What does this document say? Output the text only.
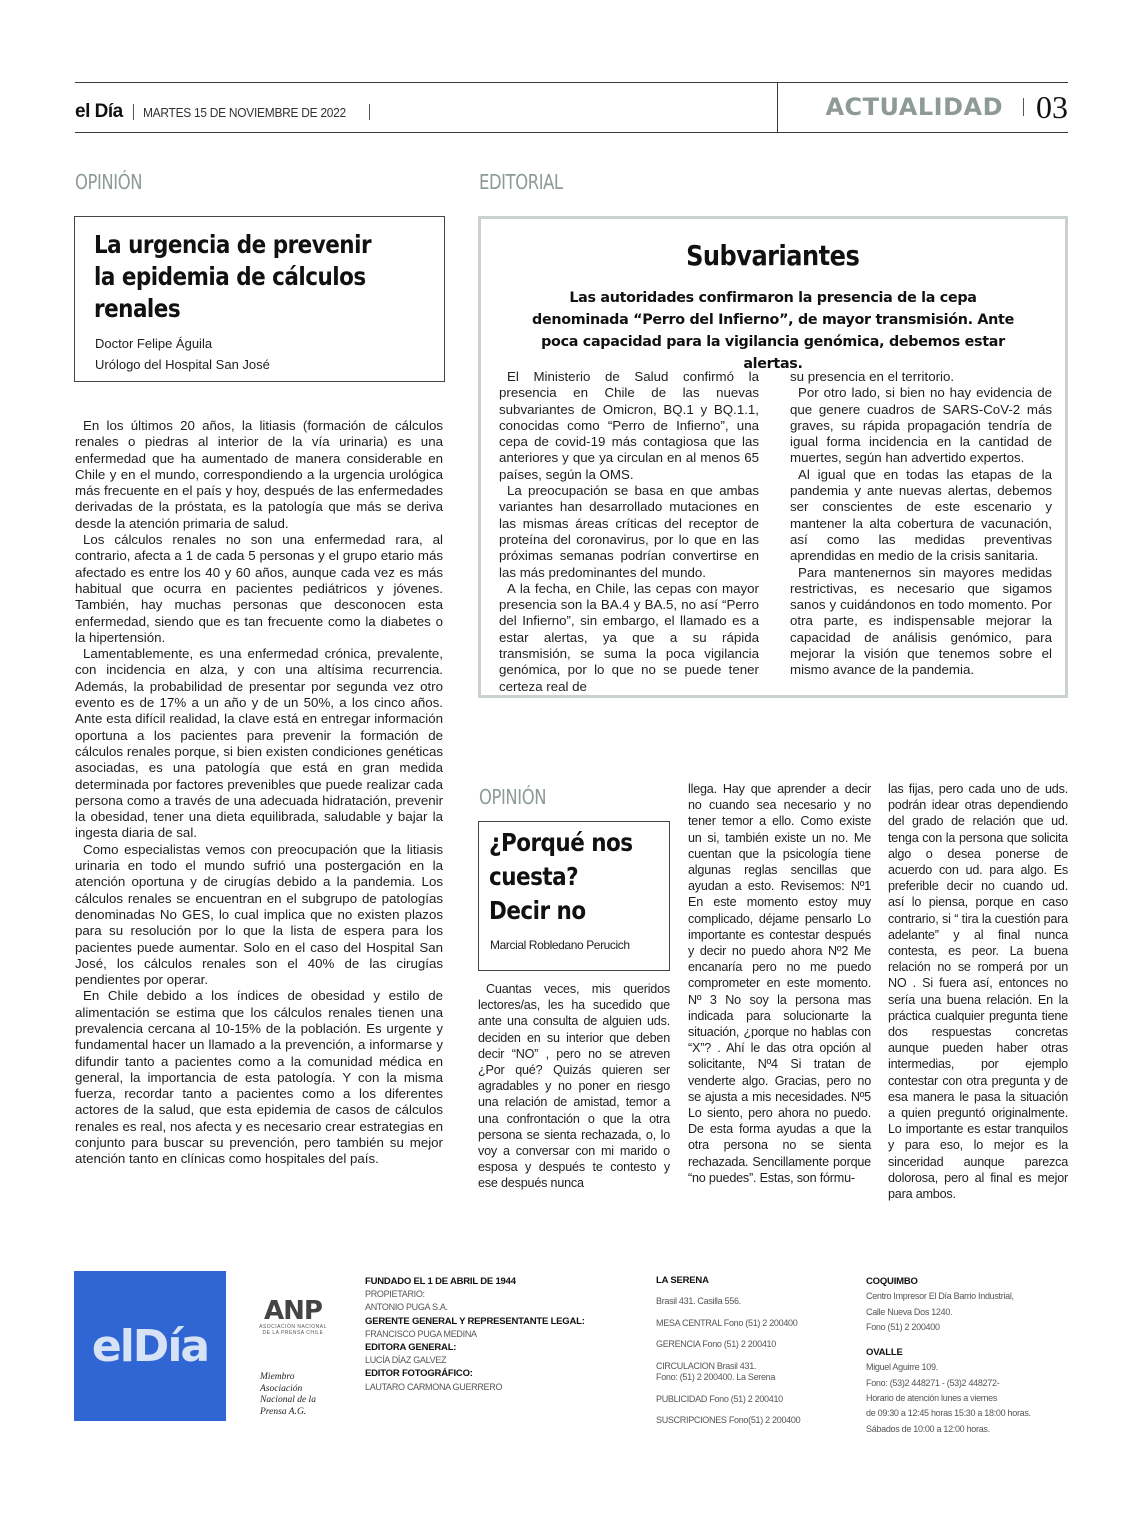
el Día MARTES 15 DE NOVIEMBRE DE 2022	ACTUALIDAD 03
OPINIÓN
La urgencia de prevenir
la epidemia de cálculos
renales
Doctor Felipe Águila
Urólogo del Hospital San José

En los últimos 20 años, la litiasis (formación de cálculos renales o piedras al interior de la vía urinaria) es una enfermedad que ha aumentado de manera considerable en Chile y en el mundo, correspondiendo a la urgencia urológica más frecuente en el país y hoy, después de las enfermedades derivadas de la próstata, es la patología que más se deriva desde la atención primaria de salud.

Los cálculos renales no son una enfermedad rara, al contrario, afecta a 1 de cada 5 personas y el grupo etario más afectado es entre los 40 y 60 años, aunque cada vez es más habitual que ocurra en pacientes pediátricos y jóvenes. También, hay muchas personas que desconocen esta enfermedad, siendo que es tan frecuente como la diabetes o la hipertensión.

Lamentablemente, es una enfermedad crónica, prevalente, con incidencia en alza, y con una altísima recurrencia. Además, la probabilidad de presentar por segunda vez otro evento es de 17% a un año y de un 50%, a los cinco años. Ante esta difícil realidad, la clave está en entregar información oportuna a los pacientes para prevenir la formación de cálculos renales porque, si bien existen condiciones genéticas asociadas, es una patología que está en gran medida determinada por factores prevenibles que puede realizar cada persona como a través de una adecuada hidratación, prevenir la obesidad, tener una dieta equilibrada, saludable y bajar la ingesta diaria de sal.

Como especialistas vemos con preocupación que la litiasis urinaria en todo el mundo sufrió una postergación en la atención oportuna y de cirugías debido a la pandemia. Los cálculos renales se encuentran en el subgrupo de patologías denominadas No GES, lo cual implica que no existen plazos para su resolución por lo que la lista de espera para los pacientes puede aumentar. Solo en el caso del Hospital San José, los cálculos renales son el 40% de las cirugías pendientes por operar.

En Chile debido a los índices de obesidad y estilo de alimentación se estima que los cálculos renales tienen una prevalencia cercana al 10-15% de la población. Es urgente y fundamental hacer un llamado a la prevención, a informarse y difundir tanto a pacientes como a la comunidad médica en general, la importancia de esta patología. Y con la misma fuerza, recordar tanto a pacientes como a los diferentes actores de la salud, que esta epidemia de casos de cálculos renales es real, nos afecta y es necesario crear estrategias en conjunto para buscar su prevención, pero también su mejor atención tanto en clínicas como hospitales del país.

EDITORIAL
Subvariantes
Las autoridades confirmaron la presencia de la cepa denominada “Perro del Infierno”, de mayor transmisión. Ante poca capacidad para la vigilancia genómica, debemos estar alertas.

El Ministerio de Salud confirmó la presencia en Chile de las nuevas subvariantes de Omicron, BQ.1 y BQ.1.1, conocidas como “Perro de Infierno”, una cepa de covid-19 más contagiosa que las anteriores y que ya circulan en al menos 65 países, según la OMS.

La preocupación se basa en que ambas variantes han desarrollado mutaciones en las mismas áreas críticas del receptor de proteína del coronavirus, por lo que en las próximas semanas podrían convertirse en las más predominantes del mundo.

A la fecha, en Chile, las cepas con mayor presencia son la BA.4 y BA.5, no así “Perro del Infierno”, sin embargo, el llamado es a estar alertas, ya que a su rápida transmisión, se suma la poca vigilancia genómica, por lo que no se puede tener certeza real de

su presencia en el territorio.

Por otro lado, si bien no hay evidencia de que genere cuadros de SARS-CoV-2 más graves, su rápida propagación tendría de igual forma incidencia en la cantidad de muertes, según han advertido expertos.

Al igual que en todas las etapas de la pandemia y ante nuevas alertas, debemos ser conscientes de este escenario y mantener la alta cobertura de vacunación, así como las medidas preventivas aprendidas en medio de la crisis sanitaria.

Para mantenernos sin mayores medidas restrictivas, es necesario que sigamos sanos y cuidándonos en todo momento. Por otra parte, es indispensable mejorar la capacidad de análisis genómico, para mejorar la visión que tenemos sobre el mismo avance de la pandemia.

OPINIÓN
¿Porqué nos
cuesta?
Decir no
Marcial Robledano Perucich

Cuantas veces, mis queridos lectores/as, les ha sucedido que ante una consulta de alguien uds. deciden en su interior que deben decir “NO” , pero no se atreven ¿Por qué? Quizás quieren ser agradables y no poner en riesgo una relación de amistad, temor a una confrontación o que la otra persona se sienta rechazada, o, lo voy a conversar con mi marido o esposa y después te contesto y ese después nunca

llega. Hay que aprender a decir no cuando sea necesario y no tener temor a ello. Como existe un si, también existe un no. Me cuentan que la psicología tiene algunas reglas sencillas que ayudan a esto. Revisemos: Nº1 En este momento estoy muy complicado, déjame pensarlo Lo importante es contestar después y decir no puedo ahora Nº2 Me encanaría pero no me puedo comprometer en este momento. Nº 3 No soy la persona mas indicada para solucionarte la situación, ¿porque no hablas con “X”? . Ahí le das otra opción al solicitante, Nº4 Si tratan de venderte algo. Gracias, pero no se ajusta a mis necesidades. Nº5 Lo siento, pero ahora no puedo. De esta forma ayudas a que la otra persona no se sienta rechazada. Sencillamente porque “no puedes”. Estas, son fórmu-
las fijas, pero cada uno de uds. podrán idear otras dependiendo del grado de relación que ud. tenga con la persona que solicita algo o desea ponerse de acuerdo con ud. para algo. Es preferible decir no cuando ud. así lo piensa, porque en caso contrario, si “ tira la cuestión para adelante” y al final nunca contesta, es peor. La buena relación no se romperá por un NO . Si fuera así, entonces no sería una buena relación. En la práctica cualquier pregunta tiene dos respuestas concretas aunque pueden haber otras intermedias, por ejemplo contestar con otra pregunta y de esa manera le pasa la situación a quien preguntó originalmente. Lo importante es estar tranquilos y para eso, lo mejor es la sinceridad aunque parezca dolorosa, pero al final es mejor para ambos.
elDía
ANP
ASOCIACIÓN NACIONAL DE LA PRENSA CHILE
Miembro Asociación Nacional de la Prensa A.G.
FUNDADO EL 1 DE ABRIL DE 1944
PROPIETARIO:
ANTONIO PUGA S.A.
GERENTE GENERAL Y REPRESENTANTE LEGAL:
FRANCISCO PUGA MEDINA
EDITORA GENERAL:
LUCÍA DÍAZ GALVEZ
EDITOR FOTOGRÁFICO:
LAUTARO CARMONA GUERRERO
LA SERENA
Brasil 431. Casilla 556.
MESA CENTRAL Fono (51) 2 200400
GERENCIA Fono (51) 2 200410
CIRCULACION Brasil 431.
Fono: (51) 2 200400. La Serena
PUBLICIDAD Fono (51) 2 200410
SUSCRIPCIONES Fono(51) 2 200400
COQUIMBO
Centro Impresor El Día Barrio Industrial,
Calle Nueva Dos 1240.
Fono (51) 2 200400
OVALLE
Miguel Aguirre 109.
Fono: (53)2 448271 - (53)2 448272-
Horario de atención lunes a viernes
de 09:30 a 12:45 horas 15:30 a 18:00 horas.
Sábados de 10:00 a 12:00 horas.
